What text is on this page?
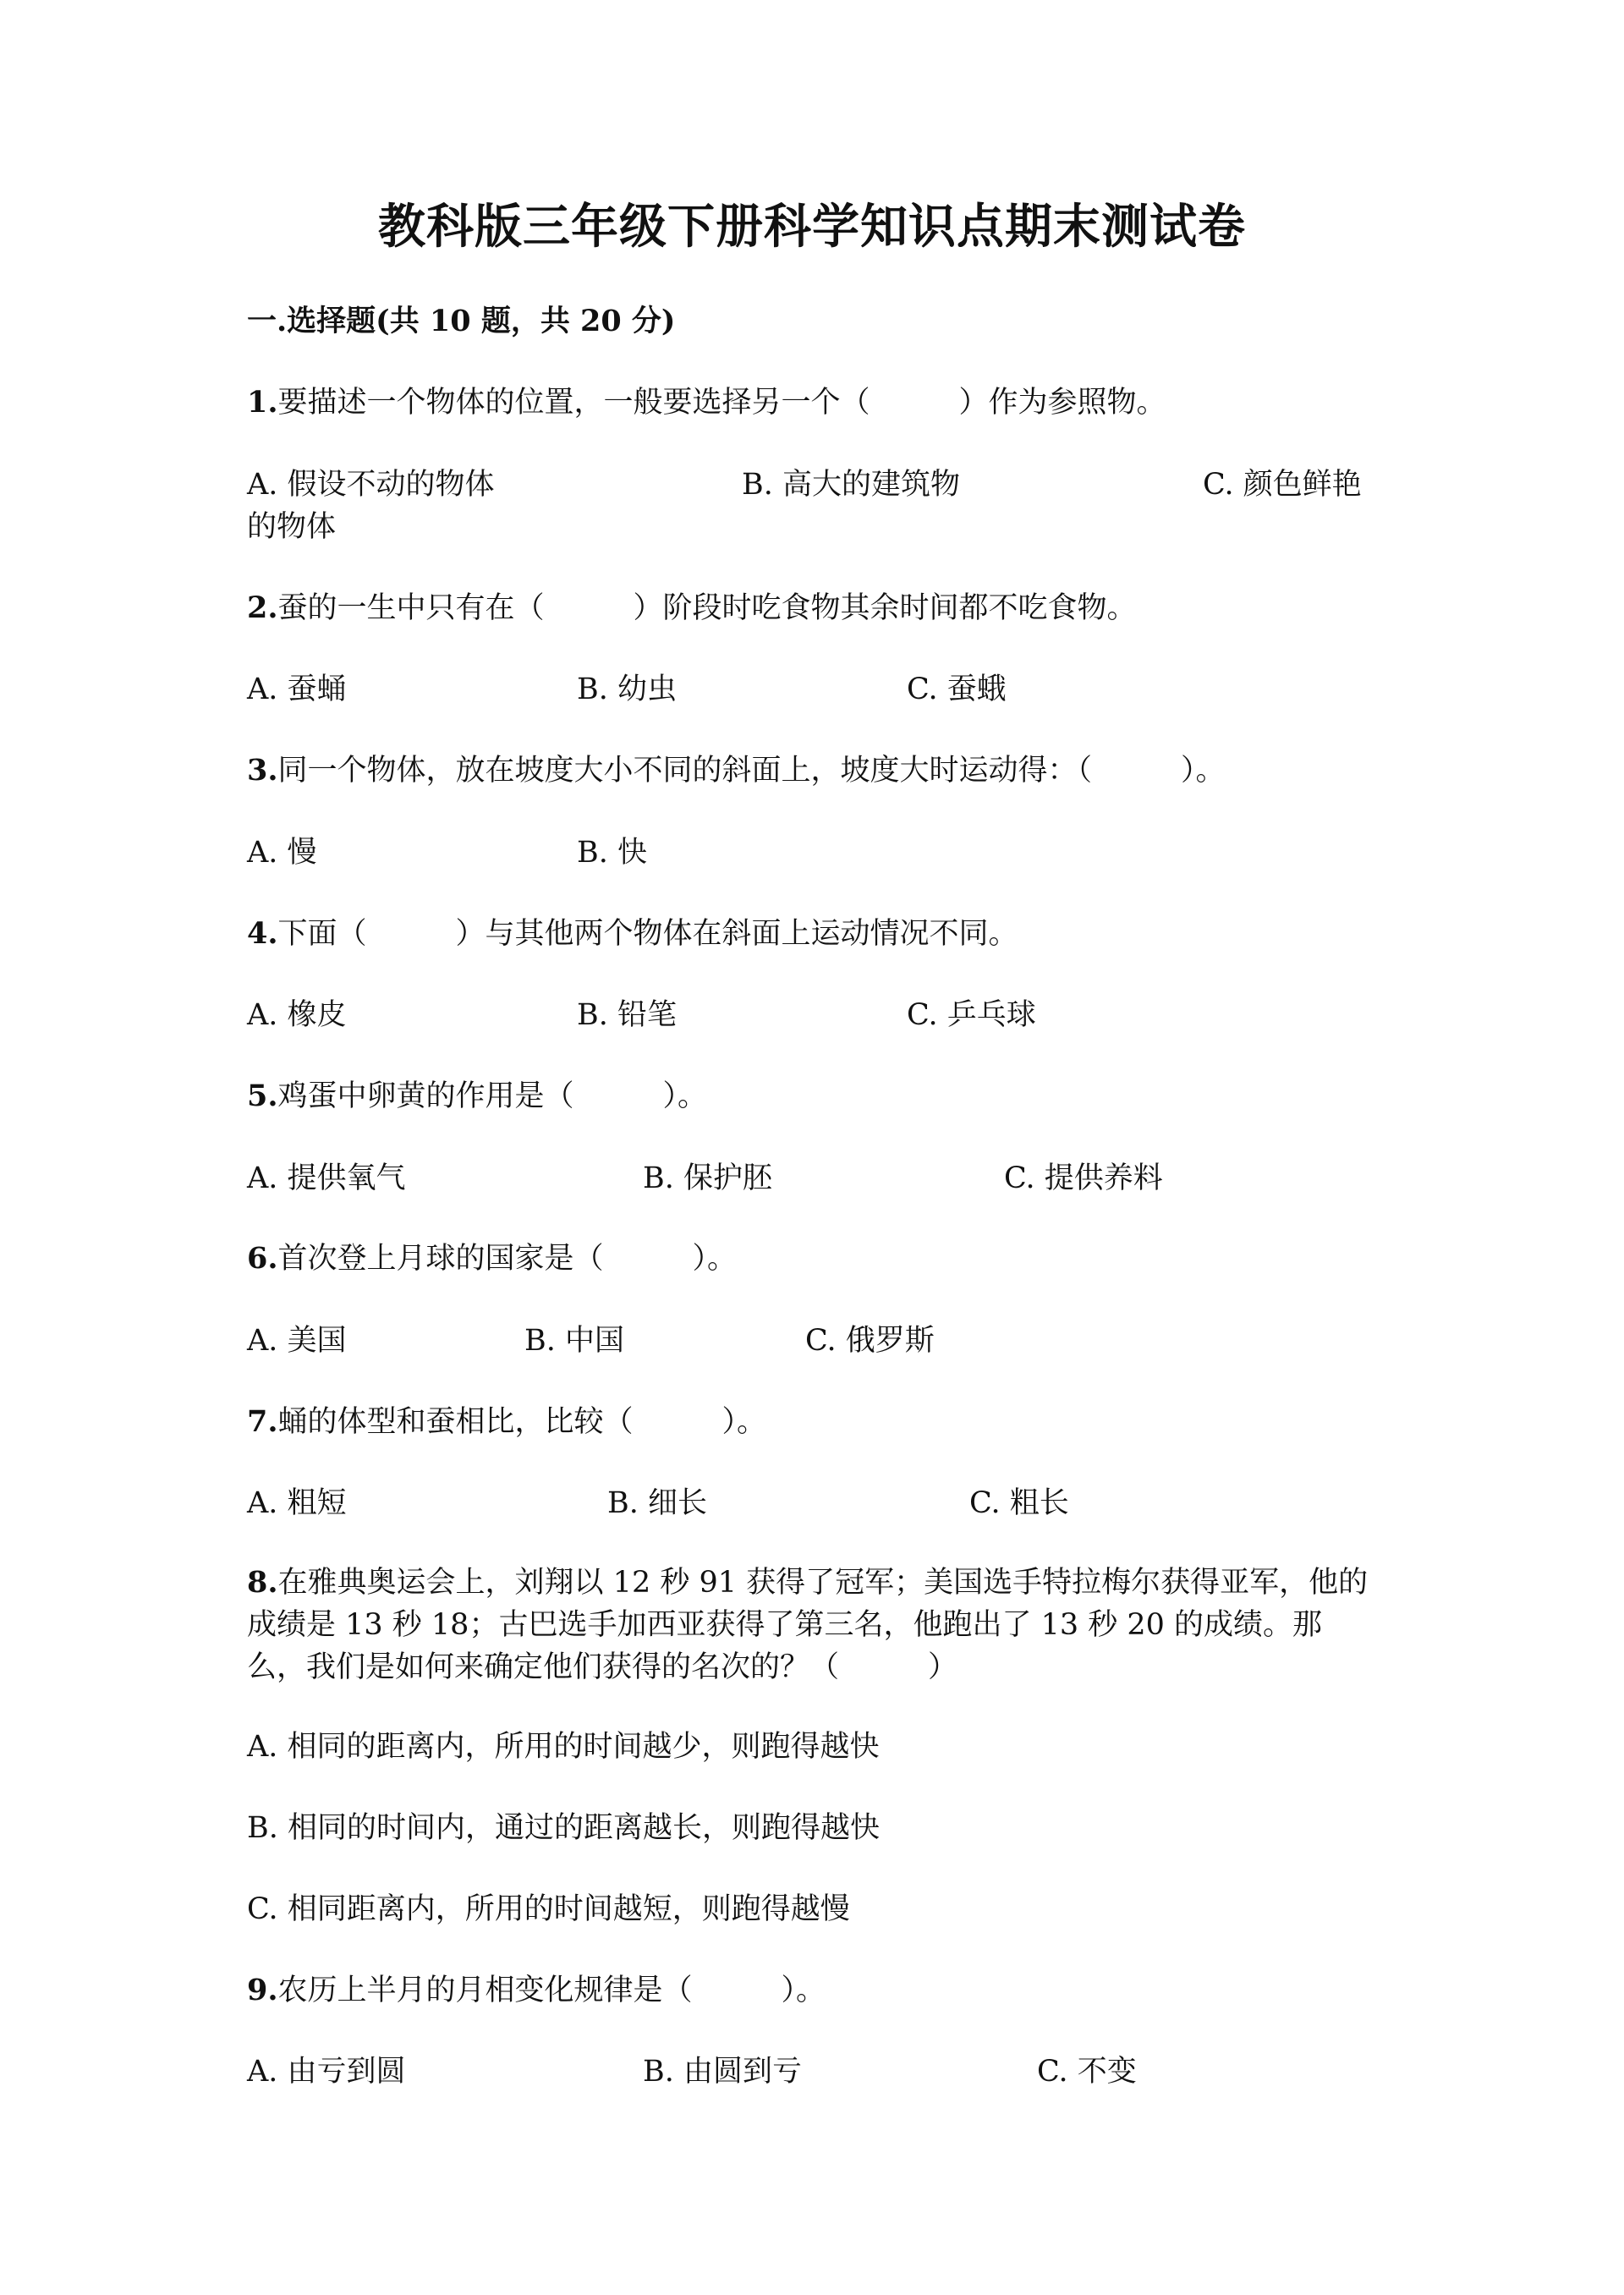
教科版三年级下册科学知识点期末测试卷
一.选择题(共 10 题，共 20 分)
1.要描述一个物体的位置，一般要选择另一个（　　　）作为参照物。
A. 假设不动的物体	B. 高大的建筑物	C. 颜色鲜艳的物体
2.蚕的一生中只有在（　　　）阶段时吃食物其余时间都不吃食物。
A. 蚕蛹	B. 幼虫	C. 蚕蛾
3.同一个物体，放在坡度大小不同的斜面上，坡度大时运动得：（　　　）。
A. 慢	B. 快
4.下面（　　　）与其他两个物体在斜面上运动情况不同。
A. 橡皮	B. 铅笔	C. 乒乓球
5.鸡蛋中卵黄的作用是（　　　）。
A. 提供氧气	B. 保护胚	C. 提供养料
6.首次登上月球的国家是（　　　）。
A. 美国	B. 中国	C. 俄罗斯
7.蛹的体型和蚕相比，比较（　　　）。
A. 粗短	B. 细长	C. 粗长
8.在雅典奥运会上，刘翔以 12 秒 91 获得了冠军；美国选手特拉梅尔获得亚军，他的成绩是 13 秒 18；古巴选手加西亚获得了第三名，他跑出了 13 秒 20 的成绩。那么，我们是如何来确定他们获得的名次的？（　　　）
A. 相同的距离内，所用的时间越少，则跑得越快
B. 相同的时间内，通过的距离越长，则跑得越快
C. 相同距离内，所用的时间越短，则跑得越慢
9.农历上半月的月相变化规律是（　　　）。
A. 由亏到圆	B. 由圆到亏	C. 不变
